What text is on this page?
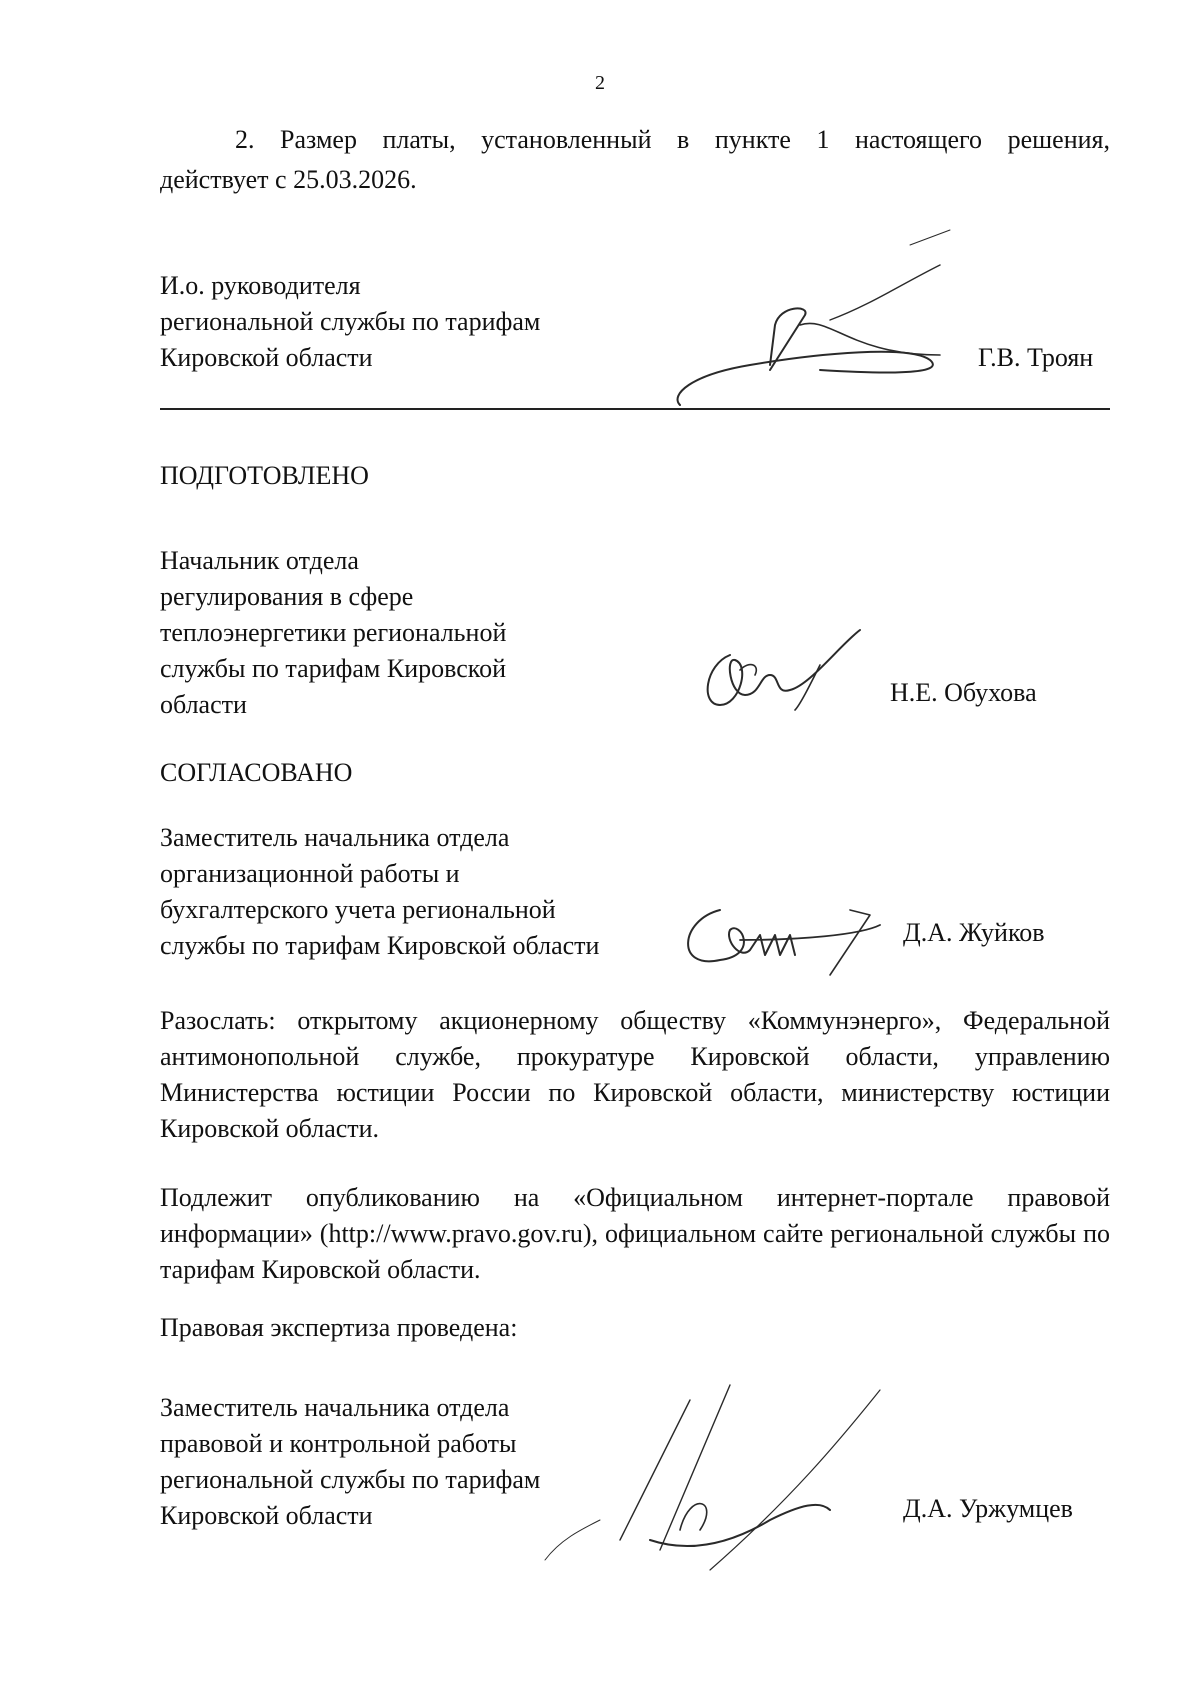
2
2. Размер платы, установленный в пункте 1 настоящего решения,
действует с 25.03.2026.
И.о. руководителя
региональной службы по тарифам
Кировской области	Г.В. Троян
ПОДГОТОВЛЕНО
Начальник отдела
регулирования в сфере
теплоэнергетики региональной
службы по тарифам Кировской
области	Н.Е. Обухова
СОГЛАСОВАНО
Заместитель начальника отдела
организационной работы и
бухгалтерского учета региональной
службы по тарифам Кировской области	Д.А. Жуйков
Разослать: открытому акционерному обществу «Коммунэнерго», Федеральной антимонопольной службе, прокуратуре Кировской области, управлению Министерства юстиции России по Кировской области, министерству юстиции Кировской области.
Подлежит опубликованию на «Официальном интернет-портале правовой информации» (http://www.pravo.gov.ru), официальном сайте региональной службы по тарифам Кировской области.
Правовая экспертиза проведена:
Заместитель начальника отдела
правовой и контрольной работы
региональной службы по тарифам
Кировской области	Д.А. Уржумцев
